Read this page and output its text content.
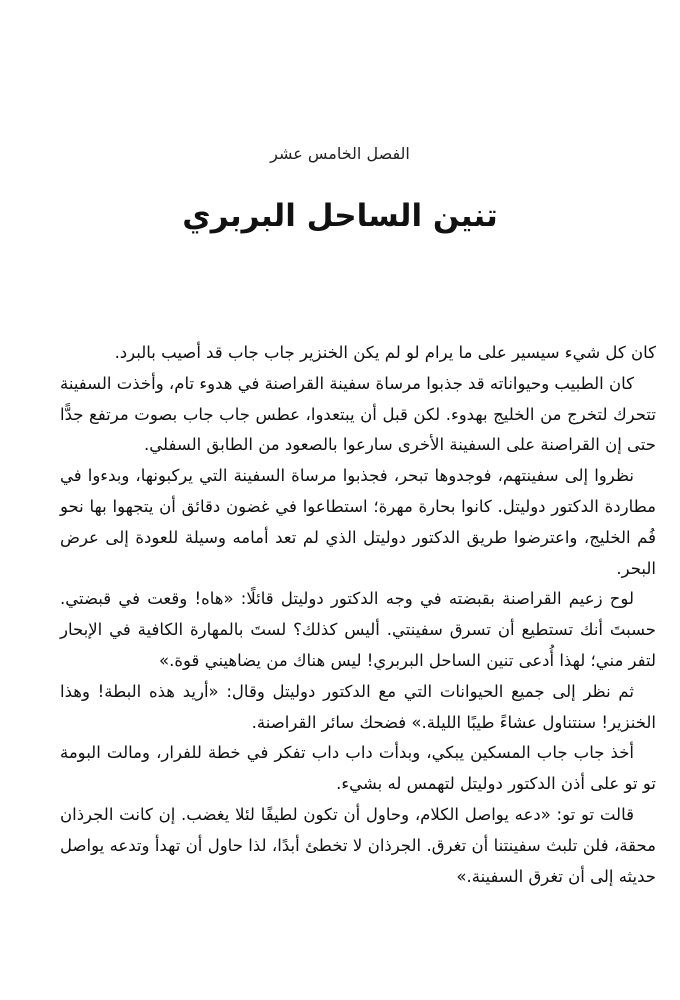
الفصل الخامس عشر
تنين الساحل البربري

كان كل شيء سيسير على ما يرام لو لم يكن الخنزير جاب جاب قد أصيب بالبرد.

كان الطبيب وحيواناته قد جذبوا مرساة سفينة القراصنة في هدوء تام، وأخذت السفينة تتحرك لتخرج من الخليج بهدوء. لكن قبل أن يبتعدوا، عطس جاب جاب بصوت مرتفع جدًّا حتى إن القراصنة على السفينة الأخرى سارعوا بالصعود من الطابق السفلي.

نظروا إلى سفينتهم، فوجدوها تبحر، فجذبوا مرساة السفينة التي يركبونها، وبدءوا في مطاردة الدكتور دوليتل. كانوا بحارة مهرة؛ استطاعوا في غضون دقائق أن يتجهوا بها نحو فُم الخليج، واعترضوا طريق الدكتور دوليتل الذي لم تعد أمامه وسيلة للعودة إلى عرض البحر.

لوح زعيم القراصنة بقبضته في وجه الدكتور دوليتل قائلًا: «هاه! وقعت في قبضتي. حسبتَ أنك تستطيع أن تسرق سفينتي. أليس كذلك؟ لستَ بالمهارة الكافية في الإبحار لتفر مني؛ لهذا أُدعى تنين الساحل البربري! ليس هناك من يضاهيني قوة.»

ثم نظر إلى جميع الحيوانات التي مع الدكتور دوليتل وقال: «أريد هذه البطة! وهذا الخنزير! سنتناول عشاءً طيبًا الليلة.» فضحك سائر القراصنة.

أخذ جاب جاب المسكين يبكي، وبدأت داب داب تفكر في خطة للفرار، ومالت البومة تو تو على أذن الدكتور دوليتل لتهمس له بشيء.

قالت تو تو: «دعه يواصل الكلام، وحاول أن تكون لطيفًا لئلا يغضب. إن كانت الجرذان محقة، فلن تلبث سفينتنا أن تغرق. الجرذان لا تخطئ أبدًا، لذا حاول أن تهدأ وتدعه يواصل حديثه إلى أن تغرق السفينة.»
